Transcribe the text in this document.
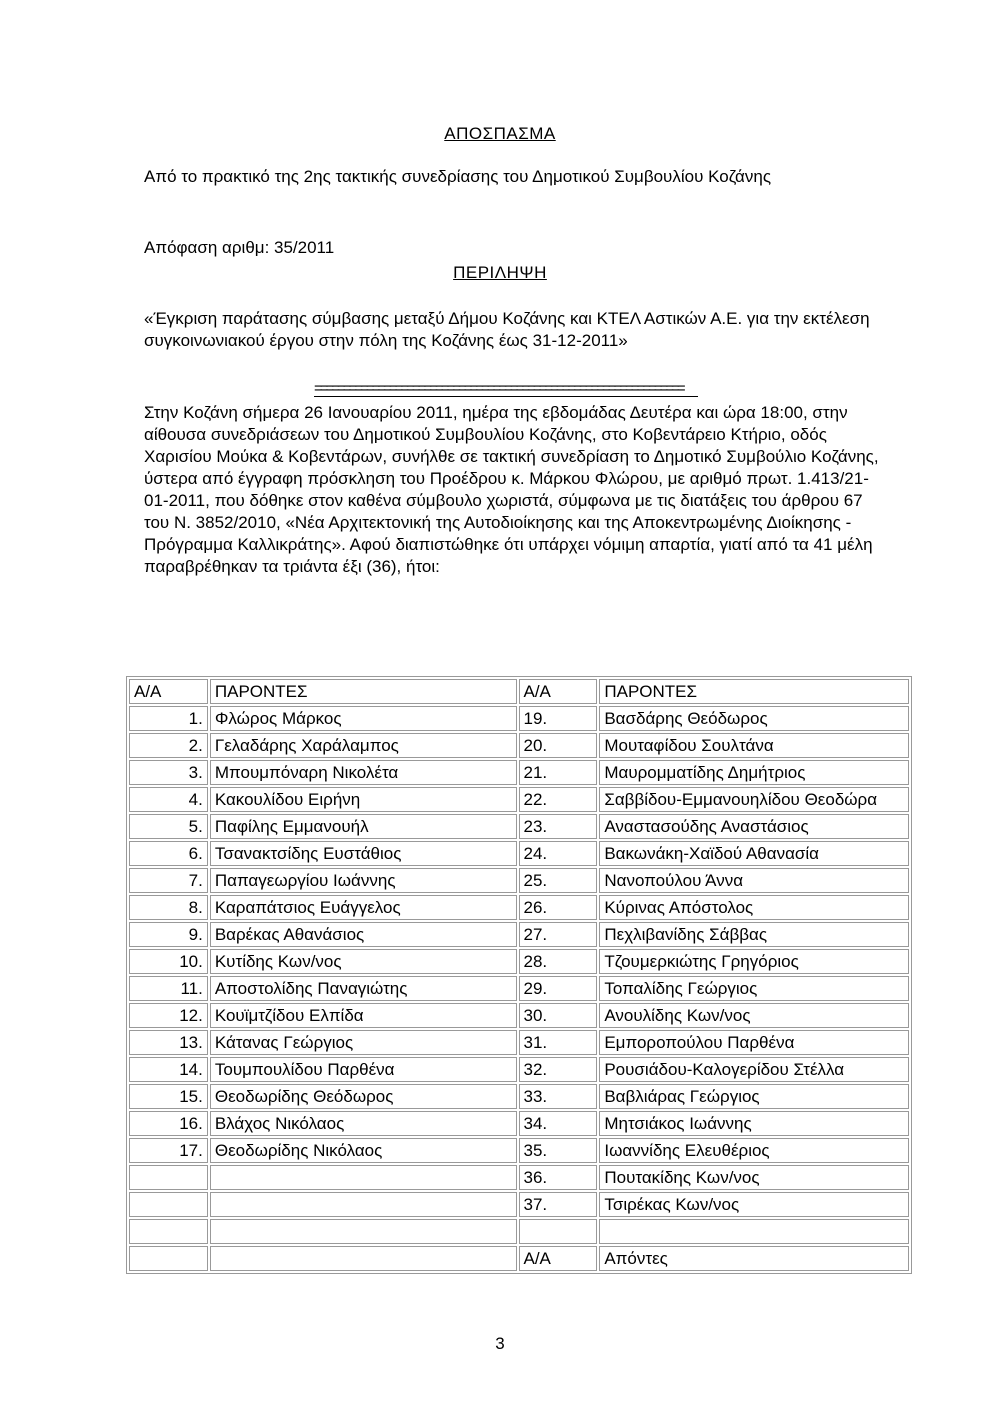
ΑΠΟΣΠΑΣΜΑ
Από το πρακτικό της 2ης τακτικής συνεδρίασης του Δημοτικού Συμβουλίου Κοζάνης
Απόφαση αριθμ: 35/2011
ΠΕΡΙΛΗΨΗ
«Έγκριση παράτασης σύμβασης μεταξύ Δήμου Κοζάνης και ΚΤΕΛ Αστικών Α.Ε. για την εκτέλεση συγκοινωνιακού έργου στην πόλη της Κοζάνης έως 31-12-2011»
================================================================
Στην Κοζάνη σήμερα 26 Ιανουαρίου 2011, ημέρα της εβδομάδας Δευτέρα και ώρα 18:00, στην αίθουσα συνεδριάσεων του Δημοτικού Συμβουλίου Κοζάνης, στο Κοβεντάρειο Κτήριο, οδός Χαρισίου Μούκα & Κοβεντάρων, συνήλθε σε τακτική συνεδρίαση το Δημοτικό Συμβούλιο Κοζάνης, ύστερα από έγγραφη πρόσκληση του Προέδρου κ. Μάρκου Φλώρου, με αριθμό πρωτ. 1.413/21-01-2011, που δόθηκε στον καθένα σύμβουλο χωριστά, σύμφωνα με τις διατάξεις του άρθρου 67 του Ν. 3852/2010, «Νέα Αρχιτεκτονική της Αυτοδιοίκησης και της Αποκεντρωμένης Διοίκησης - Πρόγραμμα Καλλικράτης». Αφού διαπιστώθηκε ότι υπάρχει νόμιμη απαρτία, γιατί από τα 41 μέλη παραβρέθηκαν τα τριάντα έξι (36), ήτοι:
Α/Α	ΠΑΡΟΝΤΕΣ	Α/Α	ΠΑΡΟΝΤΕΣ
1.	Φλώρος Μάρκος	19.	Βασδάρης Θεόδωρος
2.	Γελαδάρης Χαράλαμπος	20.	Μουταφίδου Σουλτάνα
3.	Μπουμπόναρη Νικολέτα	21.	Μαυρομματίδης Δημήτριος
4.	Κακουλίδου Ειρήνη	22.	Σαββίδου-Εμμανουηλίδου Θεοδώρα
5.	Παφίλης Εμμανουήλ	23.	Αναστασούδης Αναστάσιος
6.	Τσανακτσίδης Ευστάθιος	24.	Βακωνάκη-Χαϊδού Αθανασία
7.	Παπαγεωργίου Ιωάννης	25.	Νανοπούλου Άννα
8.	Καραπάτσιος Ευάγγελος	26.	Κύρινας Απόστολος
9.	Βαρέκας Αθανάσιος	27.	Πεχλιβανίδης Σάββας
10.	Κυτίδης Κων/νος	28.	Τζουμερκιώτης Γρηγόριος
11.	Αποστολίδης Παναγιώτης	29.	Τοπαλίδης Γεώργιος
12.	Κουϊμτζίδου Ελπίδα	30.	Ανουλίδης Κων/νος
13.	Κάτανας Γεώργιος	31.	Εμποροπούλου Παρθένα
14.	Τουμπουλίδου Παρθένα	32.	Ρουσιάδου-Καλογερίδου Στέλλα
15.	Θεοδωρίδης Θεόδωρος	33.	Βαβλιάρας Γεώργιος
16.	Βλάχος Νικόλαος	34.	Μητσιάκος Ιωάννης
17.	Θεοδωρίδης Νικόλαος	35.	Ιωαννίδης Ελευθέριος
		36.	Πουτακίδης Κων/νος
		37.	Τσιρέκας Κων/νος

		Α/Α	Απόντες
3
